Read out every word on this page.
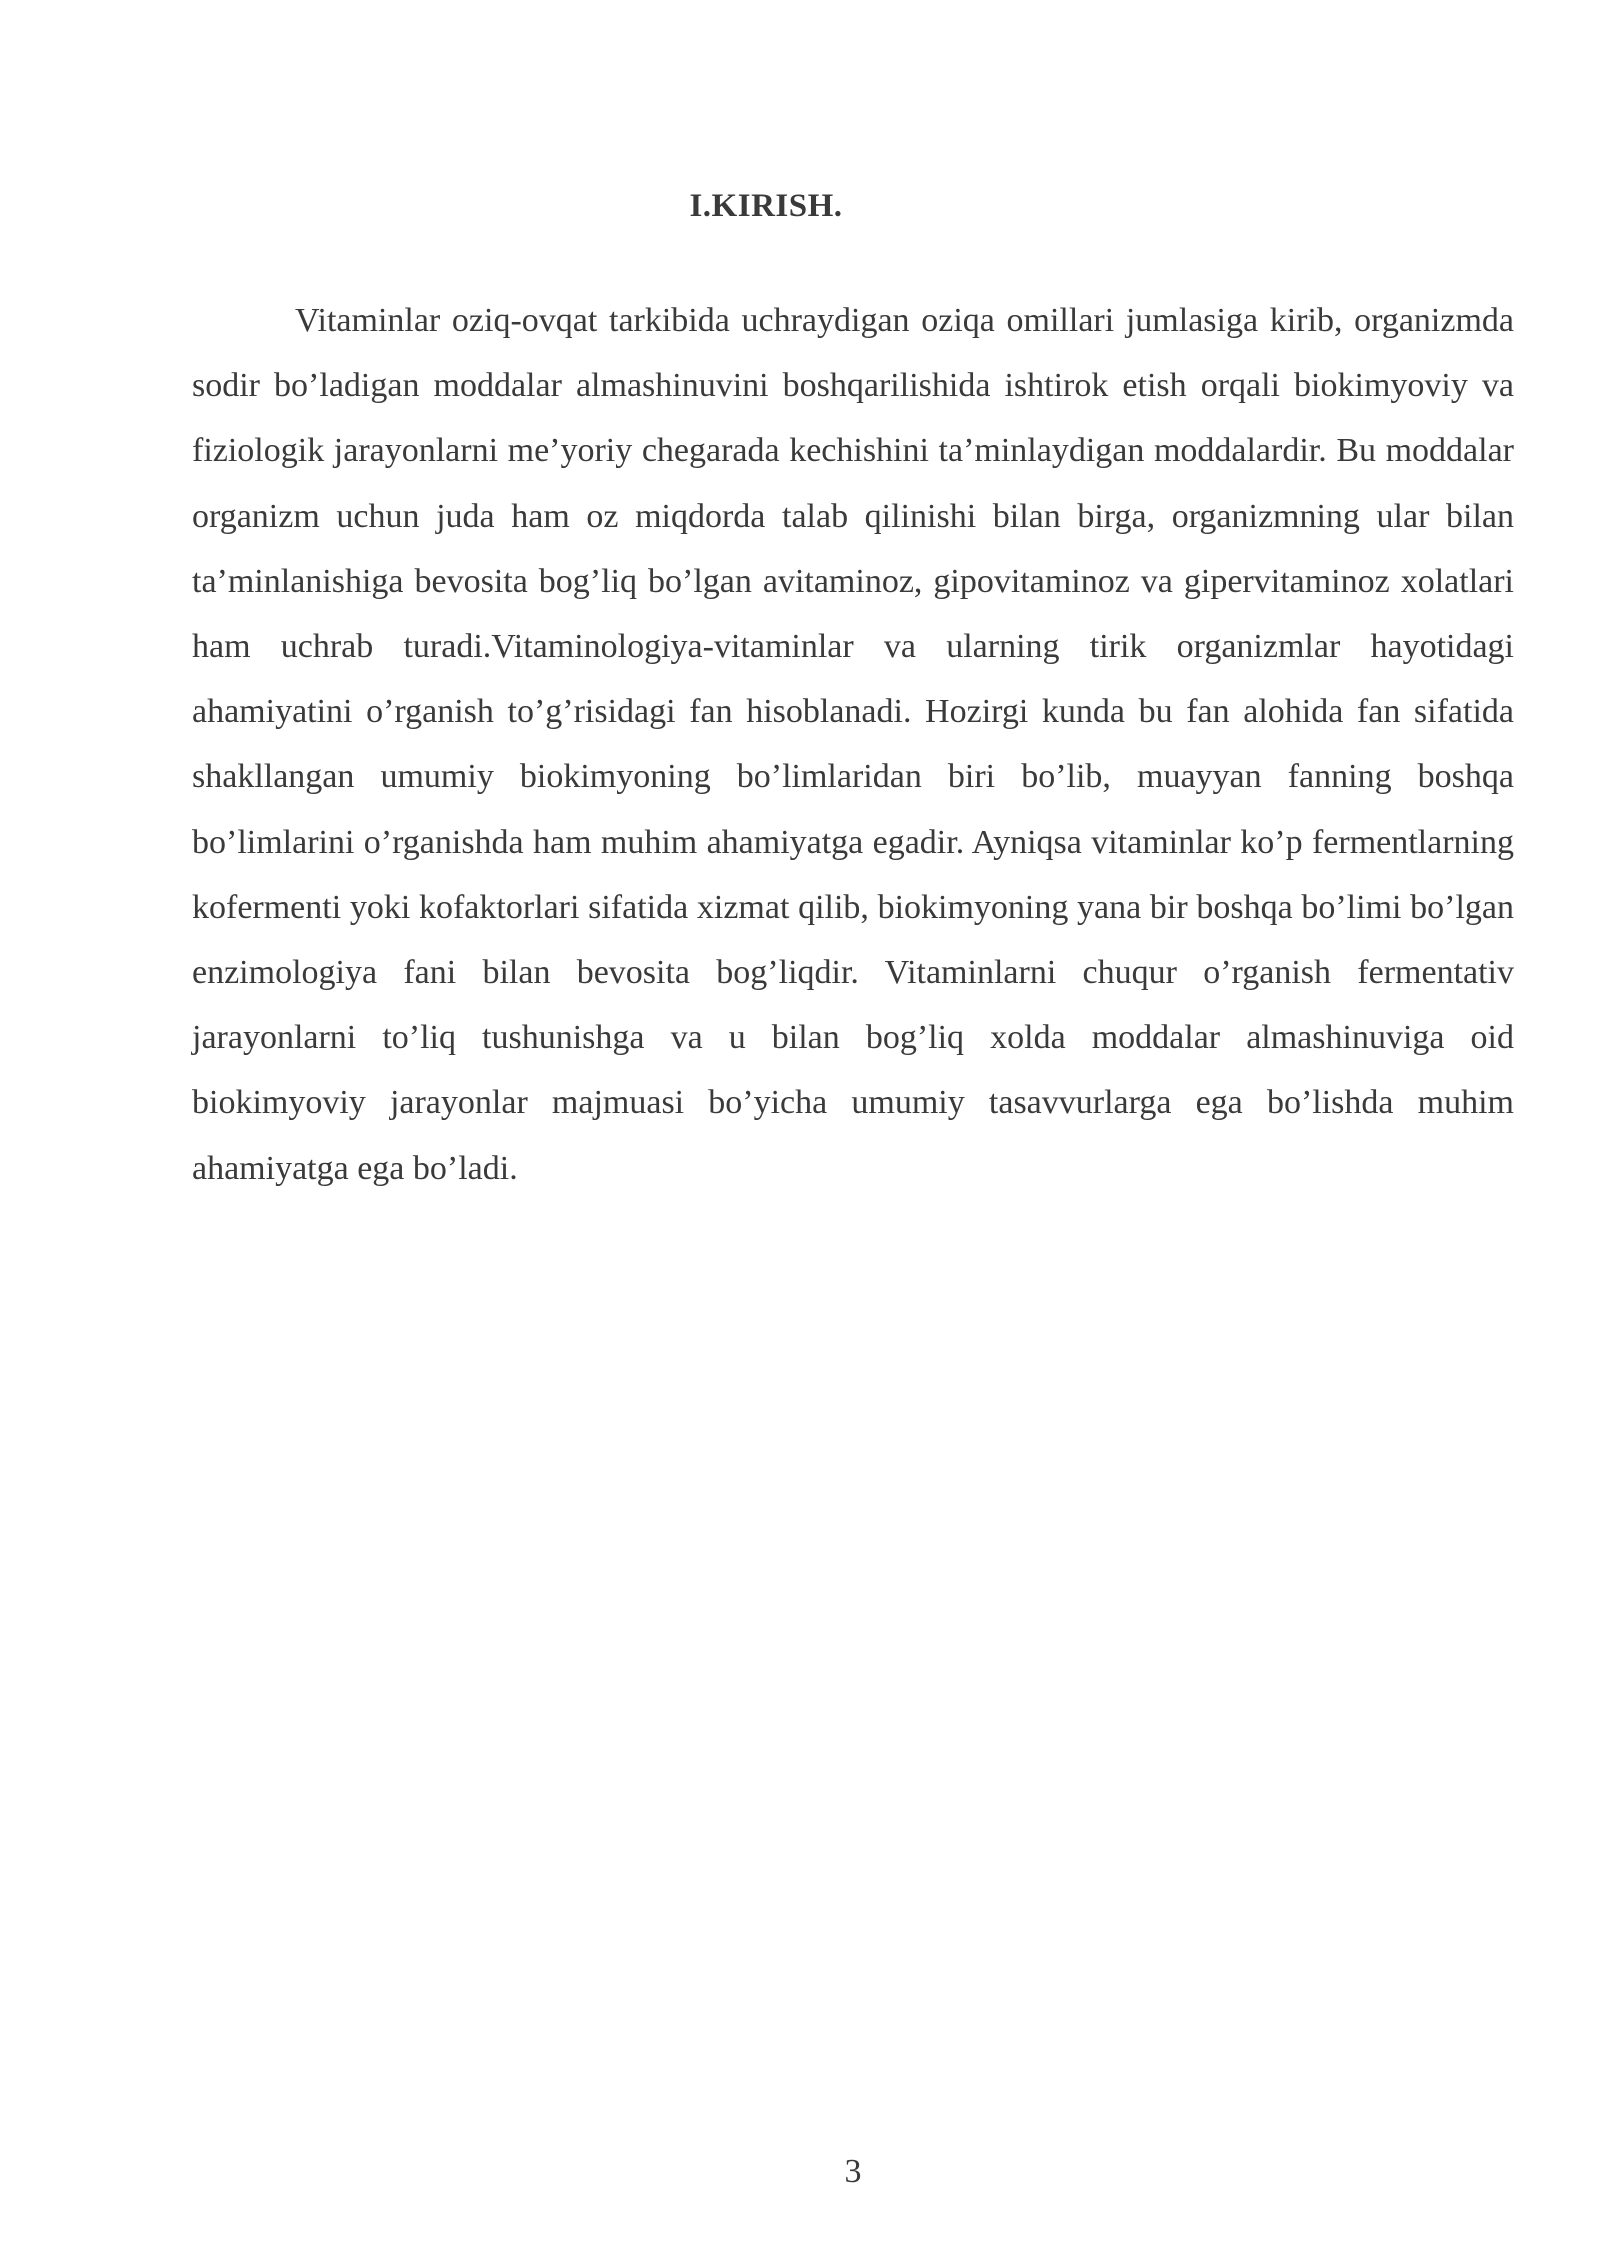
I.KIRISH.

Vitaminlar oziq-ovqat tarkibida uchraydigan oziqa omillari jumlasiga kirib, organizmda sodir bo’ladigan moddalar almashinuvini boshqarilishida ishtirok etish orqali biokimyoviy va fiziologik jarayonlarni me’yoriy chegarada kechishini ta’minlaydigan moddalardir. Bu moddalar organizm uchun juda ham oz miqdorda talab qilinishi bilan birga, organizmning ular bilan ta’minlanishiga bevosita bog’liq bo’lgan avitaminoz, gipovitaminoz va gipervitaminoz xolatlari ham uchrab turadi.Vitaminologiya-vitaminlar va ularning tirik organizmlar hayotidagi ahamiyatini o’rganish to’g’risidagi fan hisoblanadi. Hozirgi kunda bu fan alohida fan sifatida shakllangan umumiy biokimyoning bo’limlaridan biri bo’lib, muayyan fanning boshqa bo’limlarini o’rganishda ham muhim ahamiyatga egadir. Ayniqsa vitaminlar ko’p fermentlarning kofermenti yoki kofaktorlari sifatida xizmat qilib, biokimyoning yana bir boshqa bo’limi bo’lgan enzimologiya fani bilan bevosita bog’liqdir. Vitaminlarni chuqur o’rganish fermentativ jarayonlarni to’liq tushunishga va u bilan bog’liq xolda moddalar almashinuviga oid biokimyoviy jarayonlar majmuasi bo’yicha umumiy tasavvurlarga ega bo’lishda muhim ahamiyatga ega bo’ladi.

3
